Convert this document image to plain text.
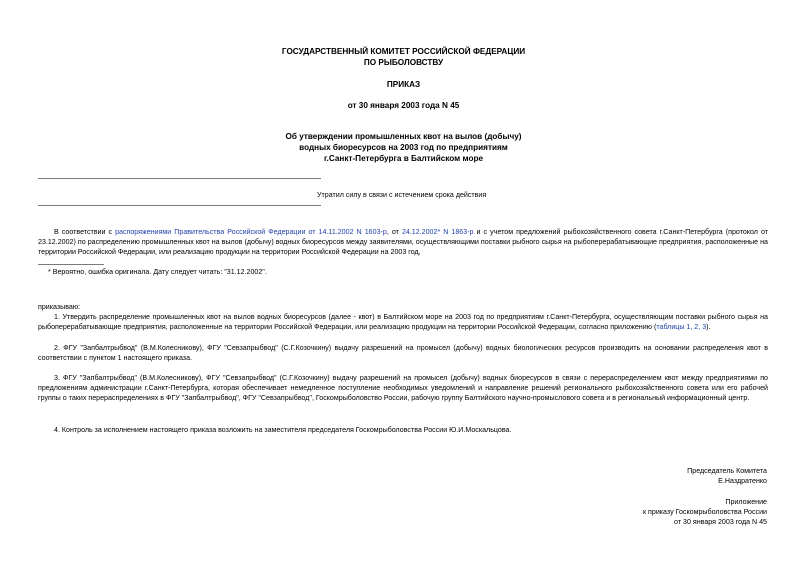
ГОСУДАРСТВЕННЫЙ КОМИТЕТ РОССИЙСКОЙ ФЕДЕРАЦИИ
ПО РЫБОЛОВСТВУ
ПРИКАЗ
от 30 января 2003 года N 45
Об утверждении промышленных квот на вылов (добычу)
водных биоресурсов на 2003 год по предприятиям
г.Санкт-Петербурга в Балтийском море
Утратил силу в связи с истечением срока действия
В соответствии с распоряжениями Правительства Российской Федерации от 14.11.2002 N 1603-р, от 24.12.2002* N 1863-р и с учетом предложений рыбохозяйственного совета г.Санкт-Петербурга (протокол от 23.12.2002) по распределению промышленных квот на вылов (добычу) водных биоресурсов между заявителями, осуществляющими поставки рыбного сырья на рыбоперерабатывающие предприятия, расположенные на территории Российской Федерации, или реализацию продукции на территории Российской Федерации на 2003 год,
* Вероятно, ошибка оригинала. Дату следует читать: "31.12.2002".
приказываю:
1. Утвердить распределение промышленных квот на вылов водных биоресурсов (далее - квот) в Балтийском море на 2003 год по предприятиям г.Санкт-Петербурга, осуществляющим поставки рыбного сырья на рыбоперерабатывающие предприятия, расположенные на территории Российской Федерации, или реализацию продукции на территории Российской Федерации, согласно приложению (таблицы 1, 2, 3).
2. ФГУ "Запбалтрыбвод" (В.М.Колесникову), ФГУ "Севзапрыбвод" (С.Г.Козочкину) выдачу разрешений на промысел (добычу) водных биологических ресурсов производить на основании распределения квот в соответствии с пунктом 1 настоящего приказа.
3. ФГУ "Запбалтрыбвод" (В.М.Колесникову), ФГУ "Севзапрыбвод" (С.Г.Козочкину) выдачу разрешений на промысел (добычу) водных биоресурсов в связи с перераспределением квот между предприятиями по предложениям администрации г.Санкт-Петербурга, которая обеспечивает немедленное поступление необходимых уведомлений и направление решений регионального рыбохозяйственного совета или его рабочей группы о таких перераспределениях в ФГУ "Запбалтрыбвод", ФГУ "Севзапрыбвод", Госкомрыболовство России, рабочую группу Балтийского научно-промыслового совета и в региональный информационный центр.
4. Контроль за исполнением настоящего приказа возложить на заместителя председателя Госкомрыболовства России Ю.И.Москальцова.
Председатель Комитета
Е.Наздратенко
Приложение
к приказу Госкомрыболовства России
от 30 января 2003 года N 45
